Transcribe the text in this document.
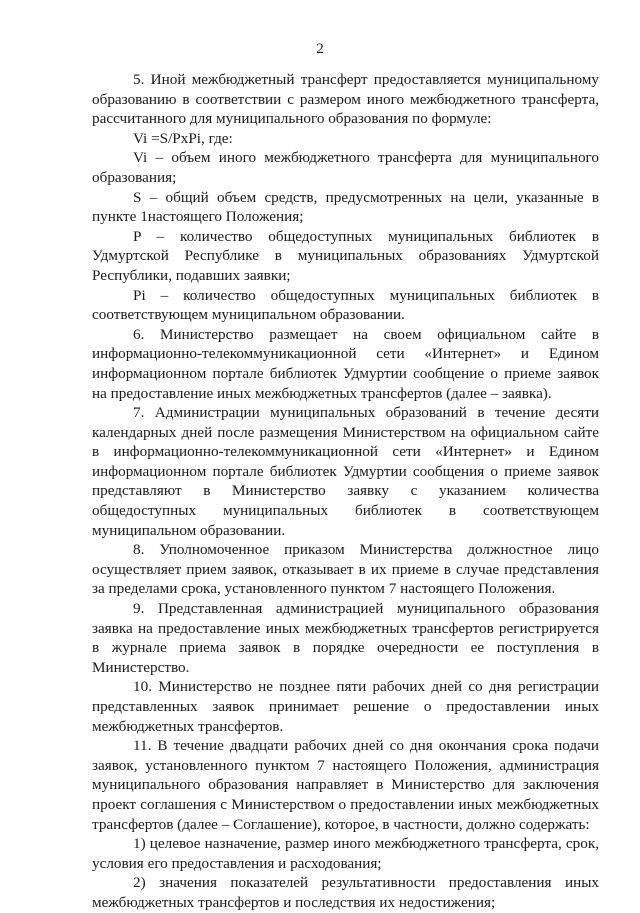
2

5. Иной межбюджетный трансферт предоставляется муниципальному образованию в соответствии с размером иного межбюджетного трансферта, рассчитанного для муниципального образования по формуле:

Vi =S/PxPi, где:

Vi – объем иного межбюджетного трансферта для муниципального образования;

S – общий объем средств, предусмотренных на цели, указанные в пункте 1настоящего Положения;

P – количество общедоступных муниципальных библиотек в Удмуртской Республике в муниципальных образованиях Удмуртской Республики, подавших заявки;

Pi – количество общедоступных муниципальных библиотек в соответствующем муниципальном образовании.

6. Министерство размещает на своем официальном сайте в информационно-телекоммуникационной сети «Интернет» и Едином информационном портале библиотек Удмуртии сообщение о приеме заявок на предоставление иных межбюджетных трансфертов (далее – заявка).

7. Администрации муниципальных образований в течение десяти календарных дней после размещения Министерством на официальном сайте в информационно-телекоммуникационной сети «Интернет» и Едином информационном портале библиотек Удмуртии сообщения о приеме заявок представляют в Министерство заявку с указанием количества общедоступных муниципальных библиотек в соответствующем муниципальном образовании.

8. Уполномоченное приказом Министерства должностное лицо осуществляет прием заявок, отказывает в их приеме в случае представления за пределами срока, установленного пунктом 7 настоящего Положения.

9. Представленная администрацией муниципального образования заявка на предоставление иных межбюджетных трансфертов регистрируется в журнале приема заявок в порядке очередности ее поступления в Министерство.

10. Министерство не позднее пяти рабочих дней со дня регистрации представленных заявок принимает решение о предоставлении иных межбюджетных трансфертов.

11. В течение двадцати рабочих дней со дня окончания срока подачи заявок, установленного пунктом 7 настоящего Положения, администрация муниципального образования направляет в Министерство для заключения проект соглашения с Министерством о предоставлении иных межбюджетных трансфертов (далее – Соглашение), которое, в частности, должно содержать:

1) целевое назначение, размер иного межбюджетного трансферта, срок, условия его предоставления и расходования;

2) значения показателей результативности предоставления иных межбюджетных трансфертов и последствия их недостижения;
